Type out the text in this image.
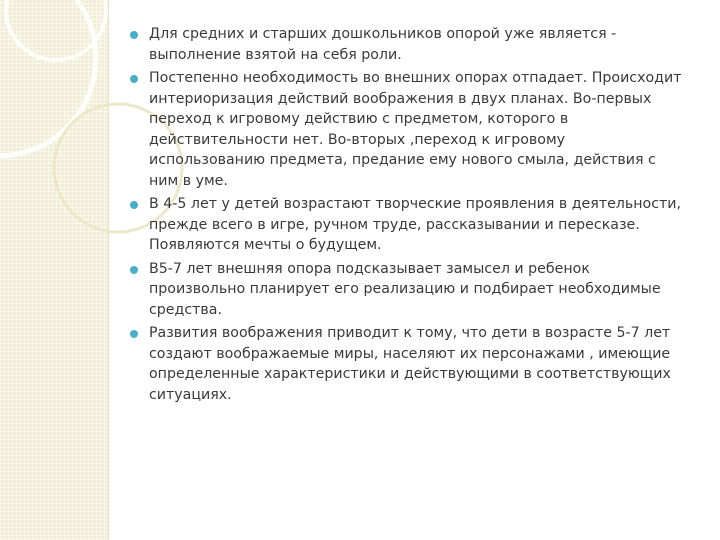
Для средних и старших дошкольников опорой уже является -
выполнение взятой на себя роли.
Постепенно необходимость во внешних опорах отпадает. Происходит
интериоризация действий воображения в двух планах. Во-первых
переход к игровому действию с предметом, которого в
действительности нет. Во-вторых ,переход к игровому
использованию предмета, предание ему нового смыла, действия с
ним в уме.
В 4-5 лет у детей возрастают творческие проявления в деятельности,
прежде всего в игре, ручном труде, рассказывании и пересказе.
Появляются мечты о будущем.
В5-7 лет внешняя опора подсказывает замысел и ребенок
произвольно планирует его реализацию и подбирает необходимые
средства.
Развития воображения приводит к тому, что дети в возрасте 5-7 лет
создают воображаемые миры, населяют их персонажами , имеющие
определенные характеристики и действующими в соответствующих
ситуациях.
